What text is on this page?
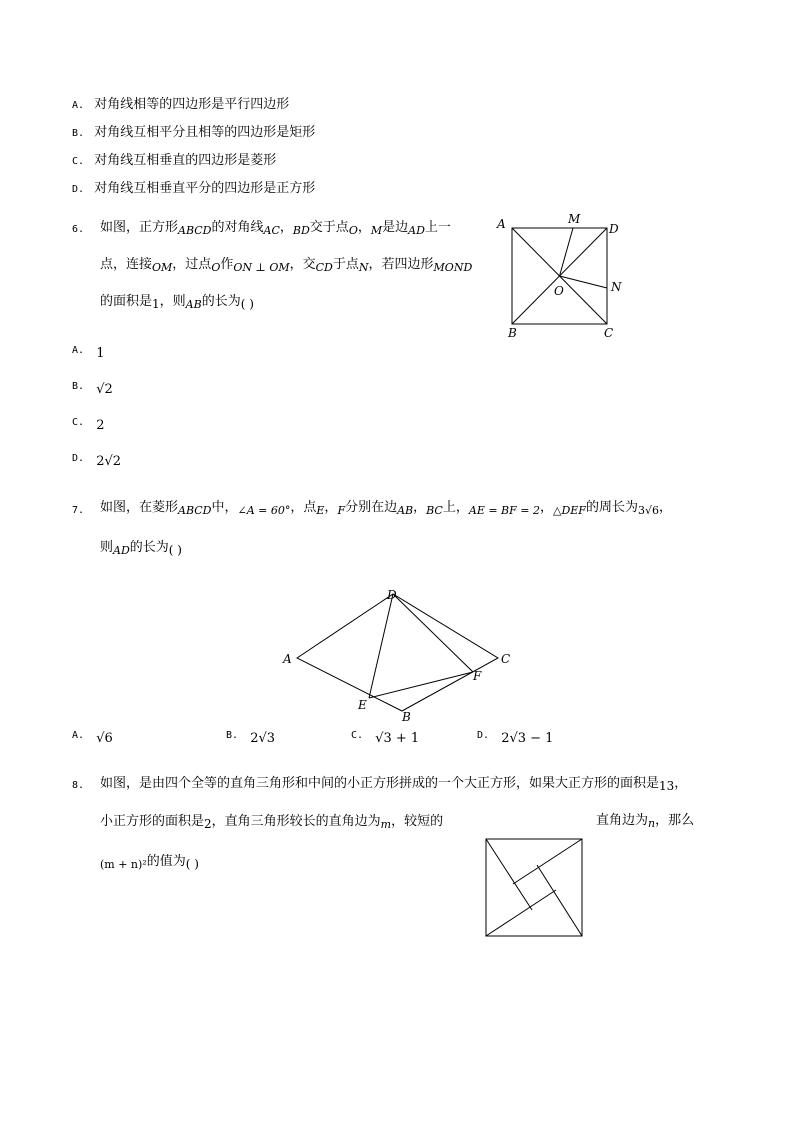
A. 对角线相等的四边形是平行四边形
B. 对角线互相平分且相等的四边形是矩形
C. 对角线互相垂直的四边形是菱形
D. 对角线互相垂直平分的四边形是正方形
6. 如图，正方形$_{ABCD}$的对角线$_{AC}$，$_{BD}$交于点$_O$，$_M$是边$_{AD}$上一
点，连接$_{OM}$，过点$_O$作$_{ON \perp OM}$，交$_{CD}$于点$_N$，若四边形$_{MOND}$
的面积是1，则$_{AB}$的长为( )
A	M
D
O	N
B	C
$^{A.}$ 1
$^{B.}$ √2
$^{C.}$ 2
$^{D.}$ 2√2
7. 如图，在菱形$_{ABCD}$中，$_{\angle A = 60^\circ}$，点$_E$，$_F$分别在边$_{AB}$，$_{BC}$上，$_{AE = BF = 2}$，$_{\triangle DEF}$的周长为$_{3√6}$，
则$_{AD}$的长为( )
A
D
C
F
E
B
$^{A.}$ √6	$^{B.}$ 2√3	$^{C.}$ √3 + 1	$^{D.}$ 2√3 − 1
8. 如图，是由四个全等的直角三角形和中间的小正方形拼成的一个大正方形，如果大正方形的面积是13，
小正方形的面积是2，直角三角形较长的直角边为$_m$，较短的	直角边为$_n$，那么
$_{(m + n)^2}$的值为( )
